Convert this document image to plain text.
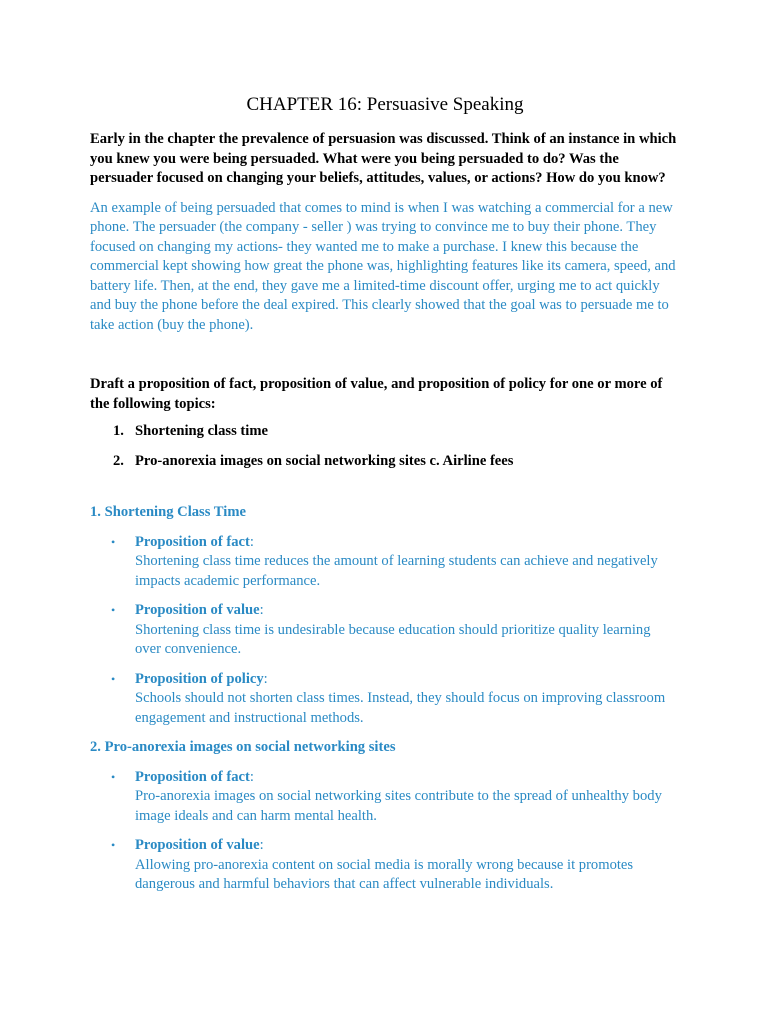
CHAPTER 16: Persuasive Speaking

Early in the chapter the prevalence of persuasion was discussed. Think of an instance in which you knew you were being persuaded. What were you being persuaded to do? Was the persuader focused on changing your beliefs, attitudes, values, or actions? How do you know?

An example of being persuaded that comes to mind is when I was watching a commercial for a new phone. The persuader (the company - seller ) was trying to convince me to buy their phone. They focused on changing my actions- they wanted me to make a purchase. I knew this because the commercial kept showing how great the phone was, highlighting features like its camera, speed, and battery life. Then, at the end, they gave me a limited-time discount offer, urging me to act quickly and buy the phone before the deal expired. This clearly showed that the goal was to persuade me to take action (buy the phone).

Draft a proposition of fact, proposition of value, and proposition of policy for one or more of the following topics:

1. Shortening class time
2. Pro-anorexia images on social networking sites c. Airline fees
1. Shortening Class Time
•	Proposition of fact:
Shortening class time reduces the amount of learning students can achieve and negatively impacts academic performance.
•	Proposition of value:
Shortening class time is undesirable because education should prioritize quality learning over convenience.
•	Proposition of policy:
Schools should not shorten class times. Instead, they should focus on improving classroom engagement and instructional methods.
2. Pro-anorexia images on social networking sites
•	Proposition of fact:
Pro-anorexia images on social networking sites contribute to the spread of unhealthy body image ideals and can harm mental health.
•	Proposition of value:
Allowing pro-anorexia content on social media is morally wrong because it promotes dangerous and harmful behaviors that can affect vulnerable individuals.
